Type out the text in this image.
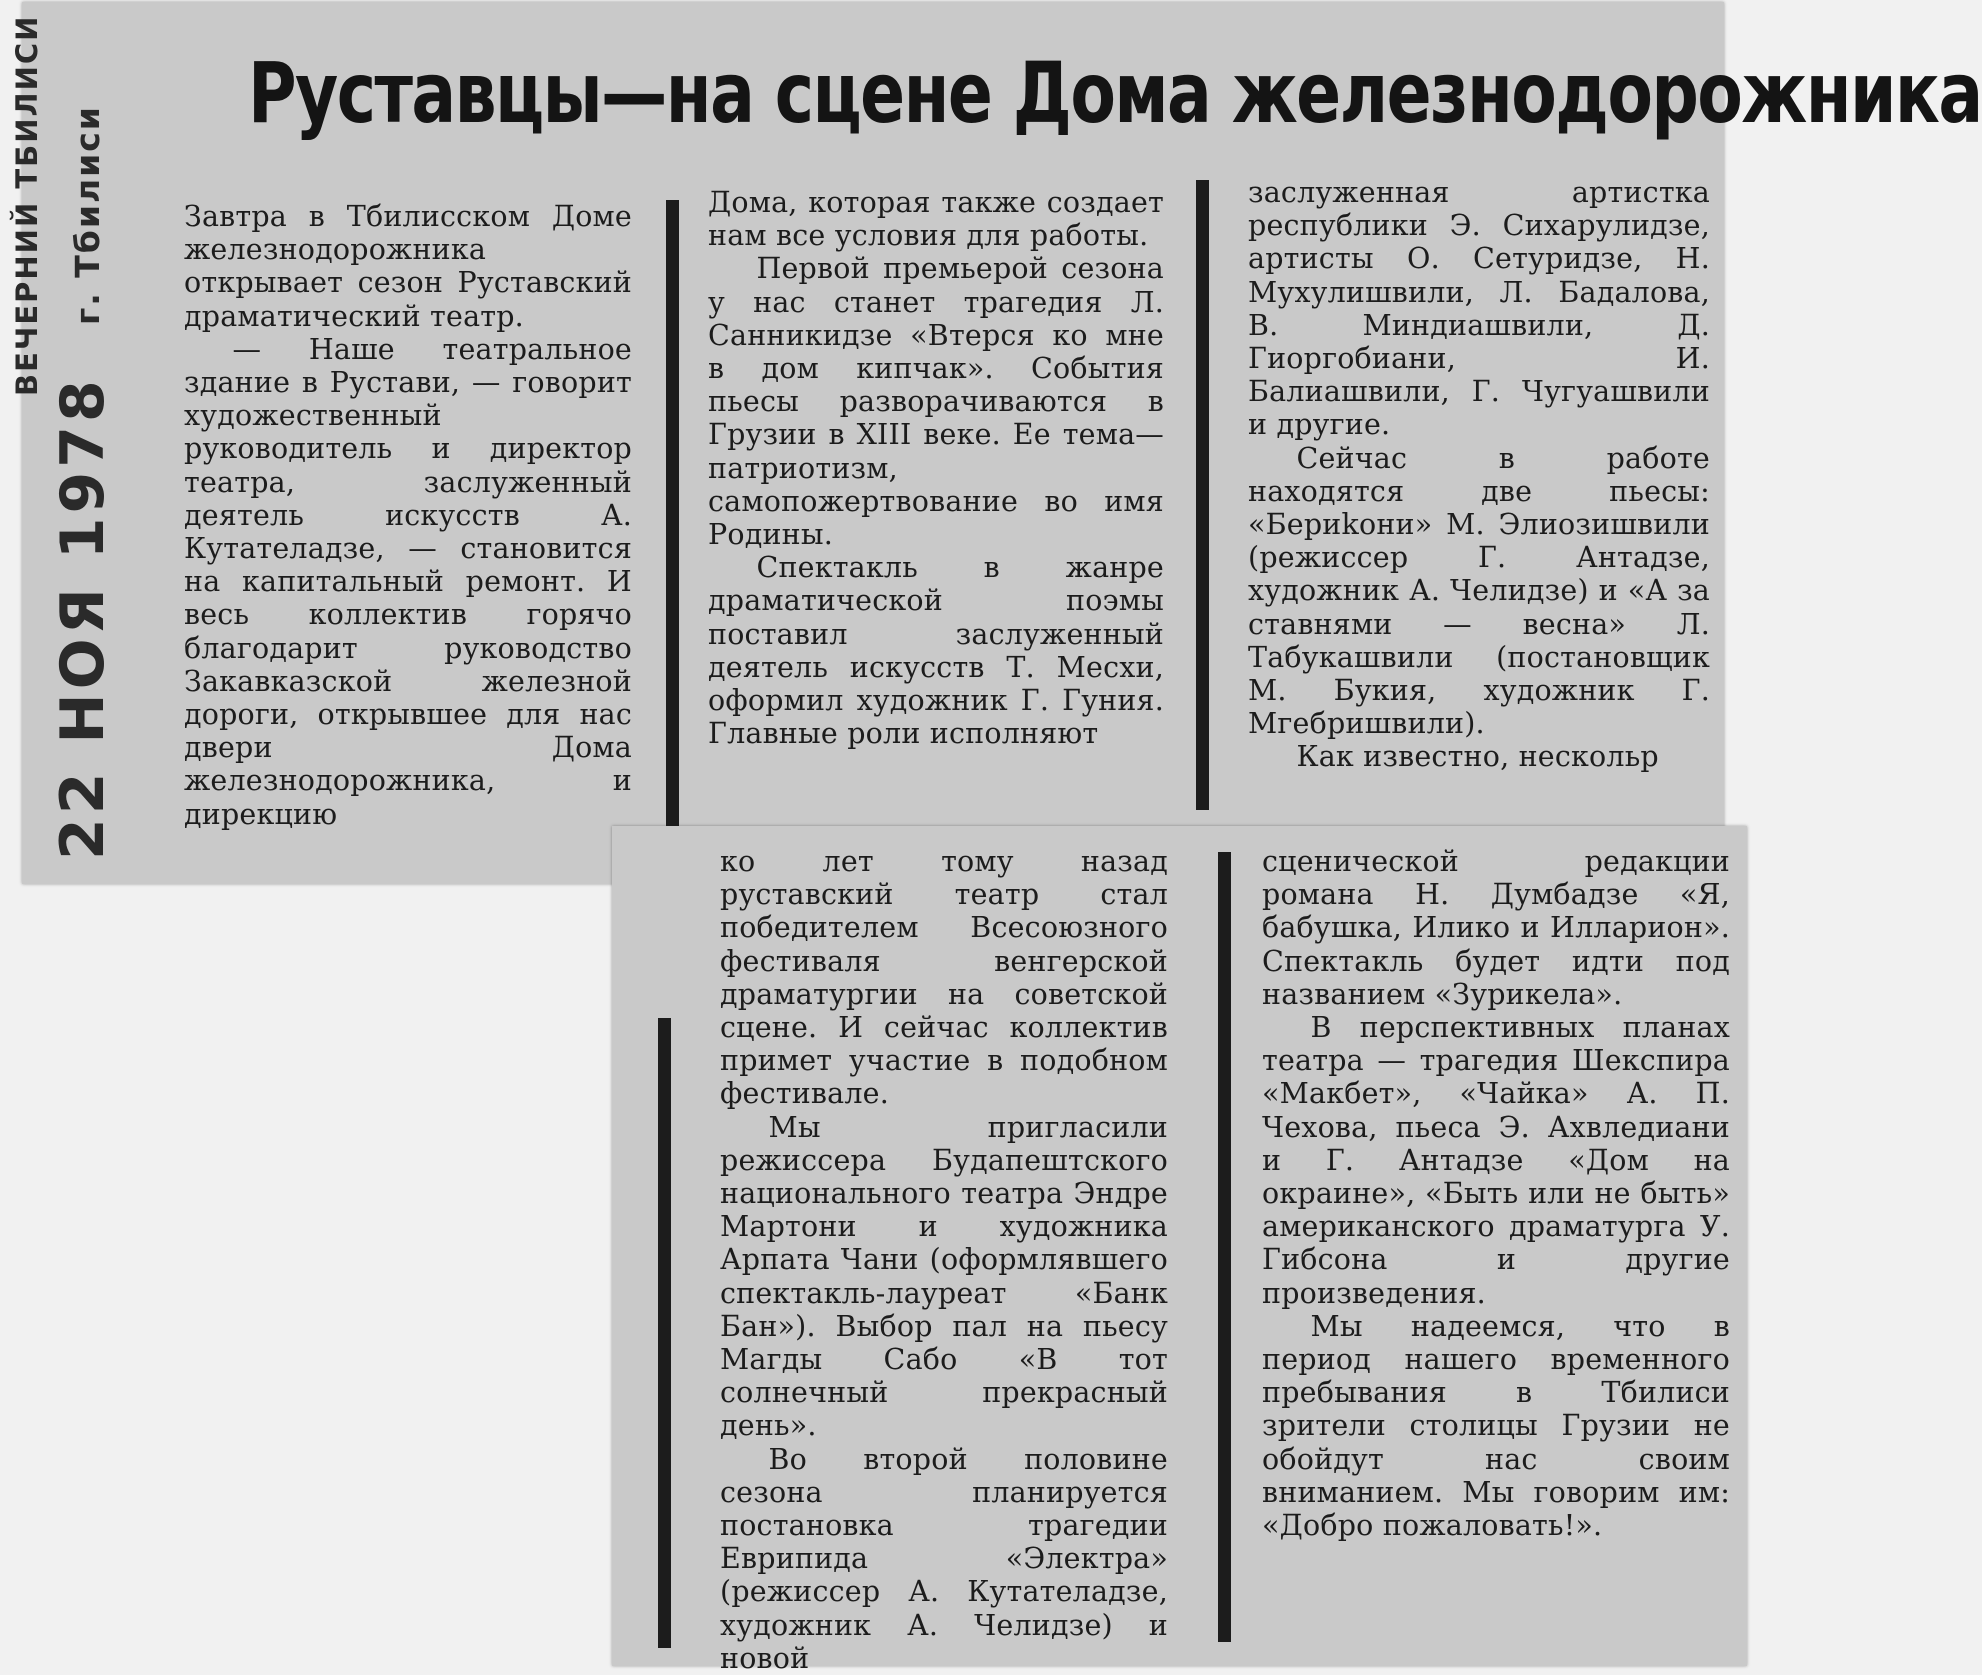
ВЕЧЕРНИЙ ТБИЛИСИ г. Тбилиси
22 НОЯ 1978
Руставцы—на сцене Дома железнодорожника

Завтра в Тбилисском Доме железнодорожника открывает сезон Руставский драматический театр.

— Наше театральное здание в Рустави, — говорит художественный руководитель и директор театра, заслуженный деятель искусств А. Кутателадзе, — становится на капитальный ремонт. И весь коллектив горячо благодарит руководство Закавказской железной дороги, открывшее для нас двери Дома железнодорожника, и дирекцию

Дома, которая также создает нам все условия для работы.

Первой премьерой сезона у нас станет трагедия Л. Санникидзе «Втерся ко мне в дом кипчак». События пьесы разворачиваются в Грузии в XIII веке. Ее тема—патриотизм, самопожертвование во имя Родины.

Спектакль в жанре драматической поэмы поставил заслуженный деятель искусств Т. Месхи, оформил художник Г. Гуния. Главные роли исполняют

заслуженная артистка республики Э. Сихарулидзе, артисты О. Сетуридзе, Н. Мухулишвили, Л. Бадалова, В. Миндиашвили, Д. Гиоргобиани, И. Балиашвили, Г. Чугуашвили и другие.

Сейчас в работе находятся две пьесы: «Бериkони» М. Элиозишвили (режиссер Г. Антадзе, художник А. Челидзе) и «А за ставнями — весна» Л. Табукашвили (постановщик М. Букия, художник Г. Мгебришвили).

Как известно, нескольр

ко лет тому назад руставский театр стал победителем Всесоюзного фестиваля венгерской драматургии на советской сцене. И сейчас коллектив примет участие в подобном фестивале.

Мы пригласили режиссера Будапештского национального театра Эндре Мартони и художника Арпата Чани (оформлявшего спектакль-лауреат «Банк Бан»). Выбор пал на пьесу Магды Сабо «В тот солнечный прекрасный день».

Во второй половине сезона планируется постановка трагедии Еврипида «Электра» (режиссер А. Кутателадзе, художник А. Челидзе) и новой

сценической редакции романа Н. Думбадзе «Я, бабушка, Илико и Илларион». Спектакль будет идти под названием «Зурикела».

В перспективных планах театра — трагедия Шекспира «Макбет», «Чайка» А. П. Чехова, пьеса Э. Ахвледиани и Г. Антадзе «Дом на окраине», «Быть или не быть» американского драматурга У. Гибсона и другие произведения.

Мы надеемся, что в период нашего временного пребывания в Тбилиси зрители столицы Грузии не обойдут нас своим вниманием. Мы говорим им: «Добро пожаловать!».
